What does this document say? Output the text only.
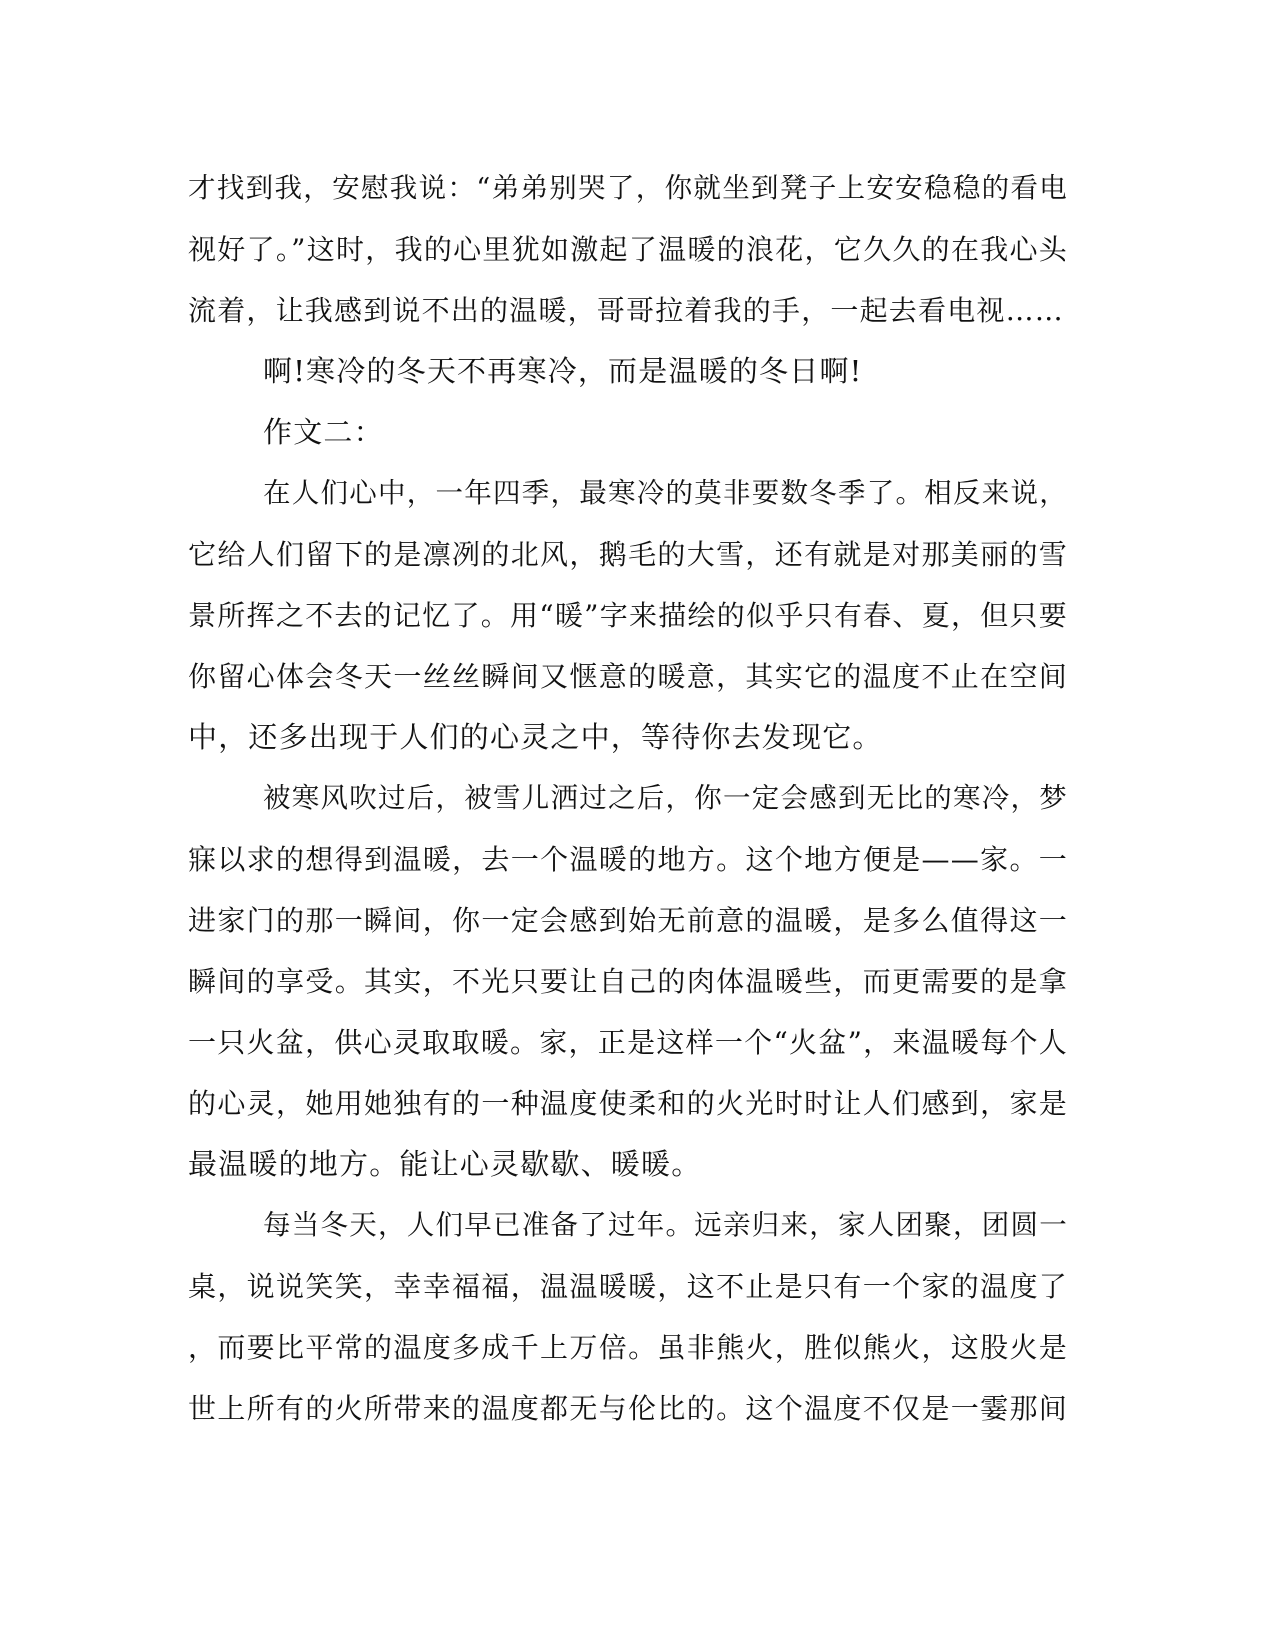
才找到我，安慰我说：“弟弟别哭了，你就坐到凳子上安安稳稳的看电
视好了。”这时，我的心里犹如激起了温暖的浪花，它久久的在我心头
流着，让我感到说不出的温暖，哥哥拉着我的手，一起去看电视……
啊!寒冷的冬天不再寒冷，而是温暖的冬日啊!
作文二：
在人们心中，一年四季，最寒冷的莫非要数冬季了。相反来说，
它给人们留下的是凛冽的北风，鹅毛的大雪，还有就是对那美丽的雪
景所挥之不去的记忆了。用“暖”字来描绘的似乎只有春、夏，但只要
你留心体会冬天一丝丝瞬间又惬意的暖意，其实它的温度不止在空间
中，还多出现于人们的心灵之中，等待你去发现它。
被寒风吹过后，被雪儿洒过之后，你一定会感到无比的寒冷，梦
寐以求的想得到温暖，去一个温暖的地方。这个地方便是——家。一
进家门的那一瞬间，你一定会感到始无前意的温暖，是多么值得这一
瞬间的享受。其实，不光只要让自己的肉体温暖些，而更需要的是拿
一只火盆，供心灵取取暖。家，正是这样一个“火盆”，来温暖每个人
的心灵，她用她独有的一种温度使柔和的火光时时让人们感到，家是
最温暖的地方。能让心灵歇歇、暖暖。
每当冬天，人们早已准备了过年。远亲归来，家人团聚，团圆一
桌，说说笑笑，幸幸福福，温温暖暖，这不止是只有一个家的温度了
，而要比平常的温度多成千上万倍。虽非熊火，胜似熊火，这股火是
世上所有的火所带来的温度都无与伦比的。这个温度不仅是一霎那间
